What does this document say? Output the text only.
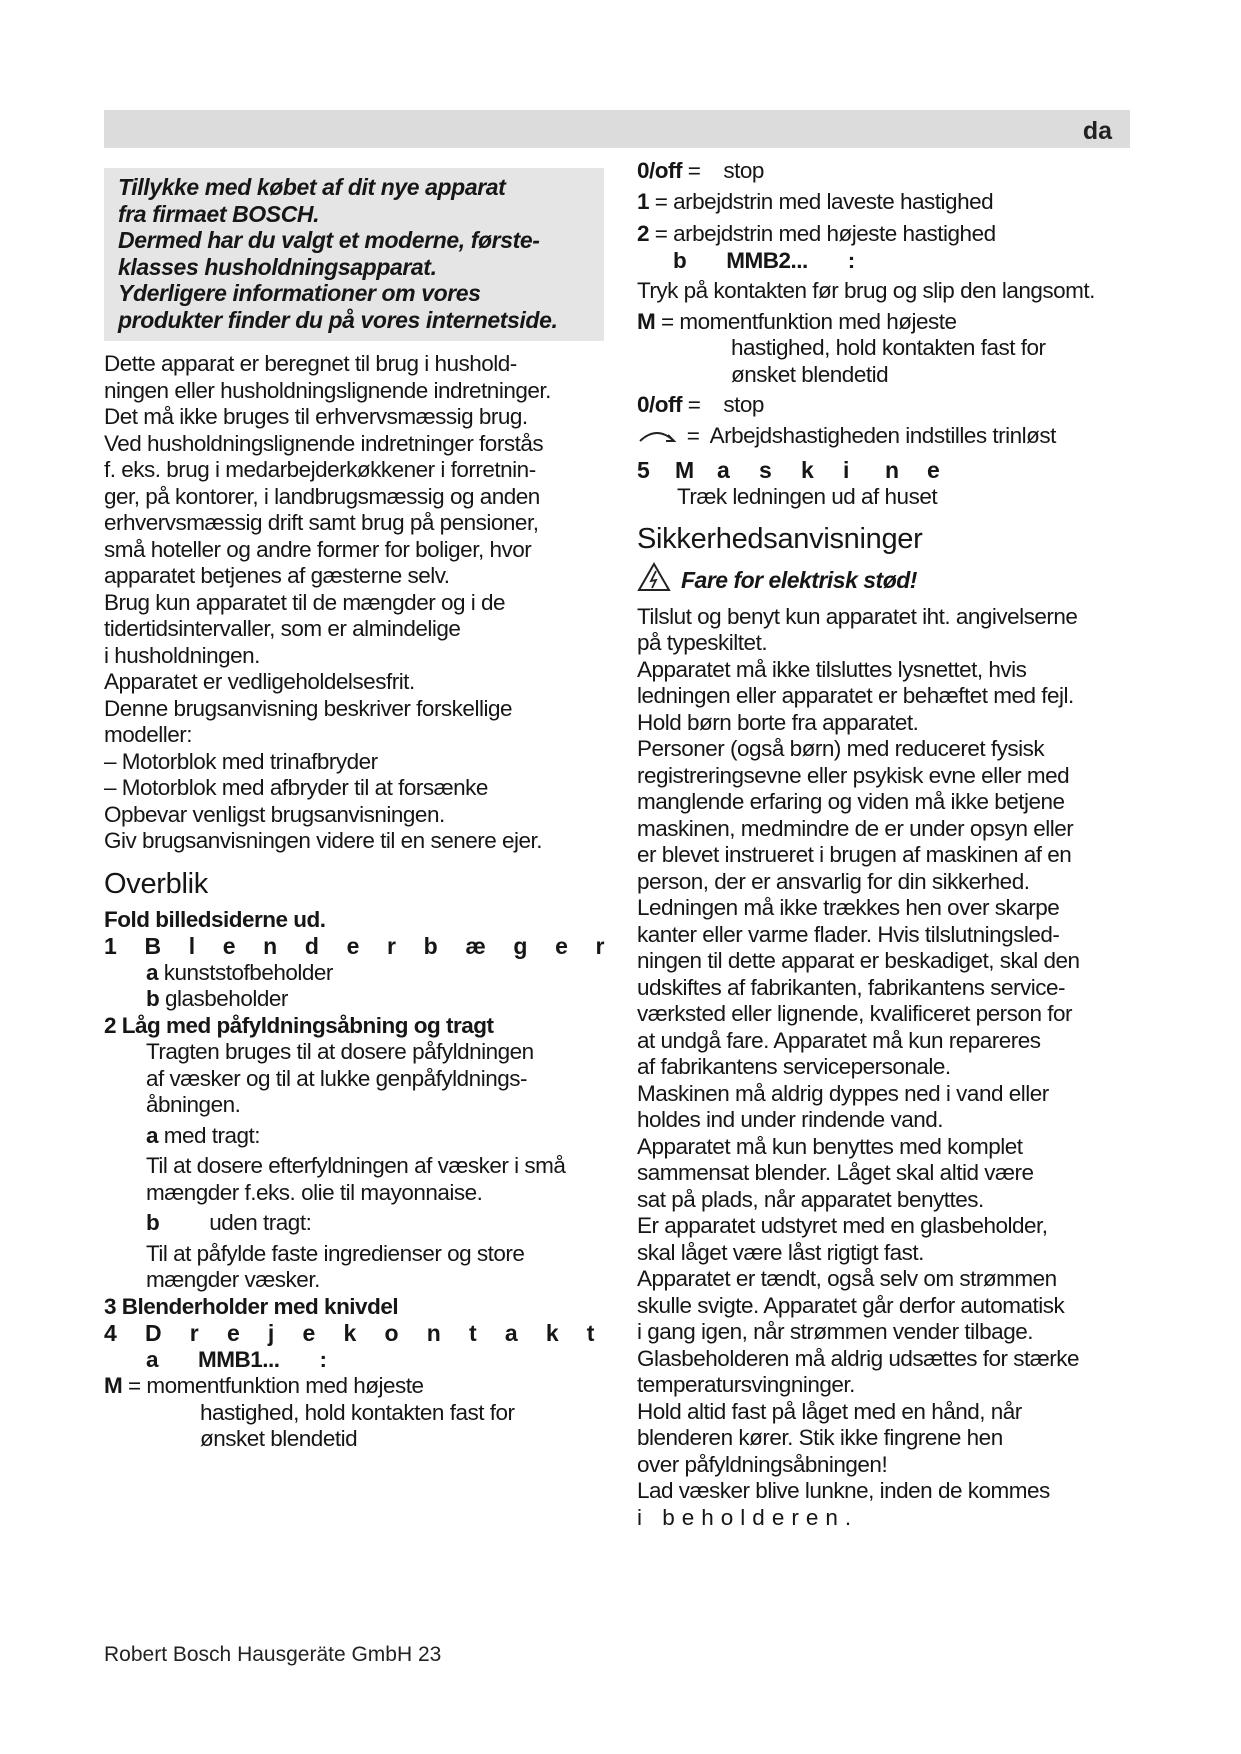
da
Tillykke med købet af dit nye apparat
fra firmaet BOSCH.
Dermed har du valgt et moderne, første-
klasses husholdningsapparat.
Yderligere informationer om vores
produkter finder du på vores internetside.
Dette apparat er beregnet til brug i hushold-
ningen eller husholdningslignende indretninger.
Det må ikke bruges til erhvervsmæssig brug.
Ved husholdningslignende indretninger forstås
f. eks. brug i medarbejderkøkkener i forretnin-
ger, på kontorer, i landbrugsmæssig og anden
erhvervsmæssig drift samt brug på pensioner,
små hoteller og andre former for boliger, hvor
apparatet betjenes af gæsterne selv.
Brug kun apparatet til de mængder og i de
tidertidsintervaller, som er almindelige
i husholdningen.
Apparatet er vedligeholdelsesfrit.
Denne brugsanvisning beskriver forskellige
modeller:
– Motorblok med trinafbryder
– Motorblok med afbryder til at forsænke
Opbevar venligst brugsanvisningen.
Giv brugsanvisningen videre til en senere ejer.
Overblik
Fold billedsiderne ud.
1 B l e n d e r b æ g e r
a kunststofbeholder
b glasbeholder
2 Låg med påfyldningsåbning og tragt
Tragten bruges til at dosere påfyldningen
af væsker og til at lukke genpåfyldnings-
åbningen.
a med tragt:
Til at dosere efterfyldningen af væsker i små
mængder f.eks. olie til mayonnaise.
b uden tragt:
Til at påfylde faste ingredienser og store
mængder væsker.
3 Blenderholder med knivdel
4 D r e j e k o n t a k t
a MMB1... :
M = momentfunktion med højeste
hastighed, hold kontakten fast for
ønsket blendetid
0/off =    stop
1 = arbejdstrin med laveste hastighed
2 = arbejdstrin med højeste hastighed
b MMB2... :
Tryk på kontakten før brug og slip den langsomt.
M = momentfunktion med højeste
hastighed, hold kontakten fast for
ønsket blendetid
0/off =    stop
=  Arbejdshastigheden indstilles trinløst
5	M	a	s	k	i	n	e
Træk ledningen ud af huset
Sikkerhedsanvisninger
Fare for elektrisk stød!
Tilslut og benyt kun apparatet iht. angivelserne
på typeskiltet.
Apparatet må ikke tilsluttes lysnettet, hvis
ledningen eller apparatet er behæftet med fejl.
Hold børn borte fra apparatet.
Personer (også børn) med reduceret fysisk
registreringsevne eller psykisk evne eller med
manglende erfaring og viden må ikke betjene
maskinen, medmindre de er under opsyn eller
er blevet instrueret i brugen af maskinen af en
person, der er ansvarlig for din sikkerhed.
Ledningen må ikke trækkes hen over skarpe
kanter eller varme flader. Hvis tilslutningsled-
ningen til dette apparat er beskadiget, skal den
udskiftes af fabrikanten, fabrikantens service-
værksted eller lignende, kvalificeret person for
at undgå fare. Apparatet må kun repareres
af fabrikantens servicepersonale.
Maskinen må aldrig dyppes ned i vand eller
holdes ind under rindende vand.
Apparatet må kun benyttes med komplet
sammensat blender. Låget skal altid være
sat på plads, når apparatet benyttes.
Er apparatet udstyret med en glasbeholder,
skal låget være låst rigtigt fast.
Apparatet er tændt, også selv om strømmen
skulle svigte. Apparatet går derfor automatisk
i gang igen, når strømmen vender tilbage.
Glasbeholderen må aldrig udsættes for stærke
temperatursvingninger.
Hold altid fast på låget med en hånd, når
blenderen kører. Stik ikke fingrene hen
over påfyldningsåbningen!
Lad væsker blive lunkne, inden de kommes
i beholderen.
Robert Bosch Hausgeräte GmbH 23
